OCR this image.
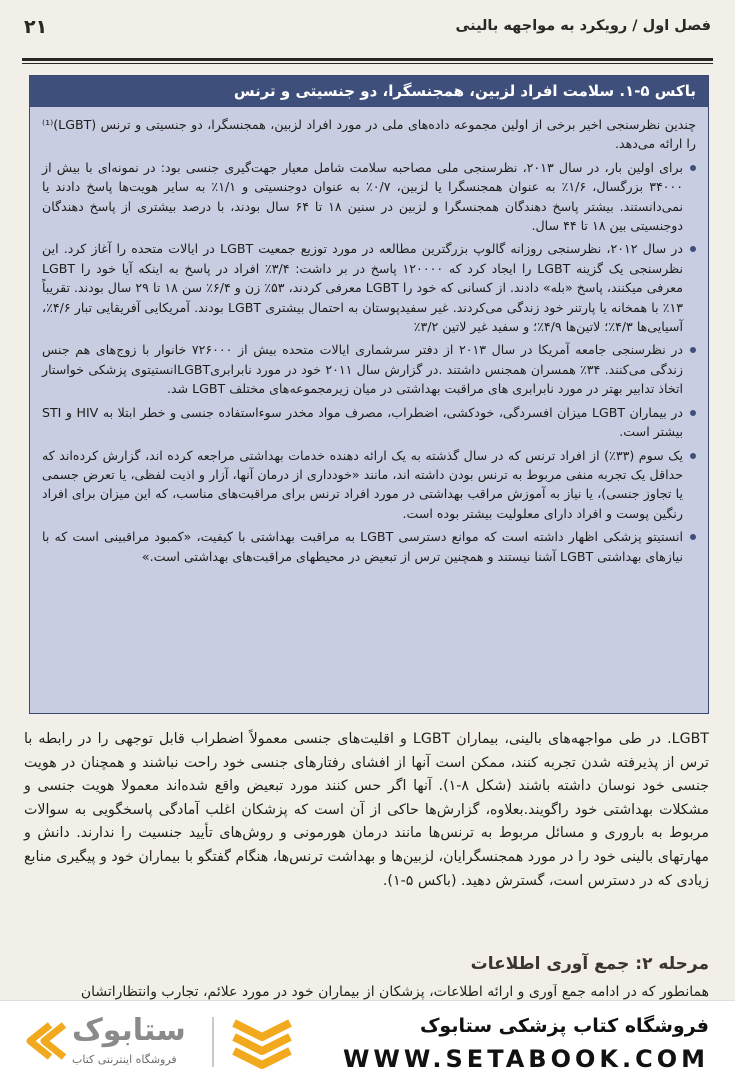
فصل اول / رویکرد به مواجهه بالینی
۲۱
باکس ۵-۱. سلامت افراد لزبین، همجنسگرا، دو جنسیتی و ترنس

چندین نظرسنجی اخیر برخی از اولین مجموعه داده‌های ملی در مورد افراد لزبین، همجنسگرا، دو جنسیتی و ترنس (LGBT)⁽¹⁾ را ارائه می‌دهد.

برای اولین بار، در سال ۲۰۱۳، نظرسنجی ملی مصاحبه سلامت شامل معیار جهت‌گیری جنسی بود: در نمونه‌ای با بیش از ۳۴۰۰۰ بزرگسال، ۱/۶٪ به عنوان همجنسگرا یا لزبین، ۰/۷٪ به عنوان دوجنسیتی و ۱/۱٪ به سایر هویت‌ها پاسخ دادند یا نمی‌دانستند. بیشتر پاسخ دهندگان همجنسگرا و لزبین در سنین ۱۸ تا ۶۴ سال بودند، با درصد بیشتری از پاسخ دهندگان دوجنسیتی بین ۱۸ تا ۴۴ سال.
در سال ۲۰۱۲، نظرسنجی روزانه گالوپ بزرگترین مطالعه در مورد توزیع جمعیت LGBT در ایالات متحده را آغاز کرد. این نظرسنجی یک گزینه LGBT را ایجاد کرد که ۱۲۰۰۰۰ پاسخ در بر داشت: ۳/۴٪ افراد در پاسخ به اینکه آیا خود را LGBT معرفی میکنند، پاسخ «بله» دادند. از کسانی که خود را LGBT معرفی کردند، ۵۳٪ زن و ۶/۴٪ سن ۱۸ تا ۲۹ سال بودند. تقریباً ۱۳٪ با همخانه یا پارتنر خود زندگی می‌کردند. غیر سفیدپوستان به احتمال بیشتری LGBT بودند. آمریکایی آفریقایی تبار ۴/۶٪، آسیایی‌ها ۴/۳٪؛ لاتین‌ها ۴/۹٪؛ و سفید غیر لاتین ۳/۲٪
در نظرسنجی جامعه آمریکا در سال ۲۰۱۳ از دفتر سرشماری ایالات متحده بیش از ۷۲۶۰۰۰ خانوار با زوج‌های هم جنس زندگی می‌کنند. ۳۴٪ همسران همجنس داشتند .در گزارش سال ۲۰۱۱ خود در مورد نابرابریLGBTانستیتوی پزشکی خواستار اتخاذ تدابیر بهتر در مورد نابرابری های مراقبت بهداشتی در میان زیرمجموعه‌های مختلف LGBT شد.
در بیماران LGBT میزان افسردگی، خودکشی، اضطراب، مصرف مواد مخدر سوءاستفاده جنسی و خطر ابتلا به HIV و STI بیشتر است.
یک سوم (۳۳٪) از افراد ترنس که در سال گذشته به یک ارائه دهنده خدمات بهداشتی مراجعه کرده اند، گزارش کرده‌اند که حداقل یک تجربه منفی مربوط به ترنس بودن داشته اند، مانند «خودداری از درمان آنها، آزار و اذیت لفظی، یا تعرض جسمی یا تجاوز جنسی)، یا نیاز به آموزش مراقب بهداشتی در مورد افراد ترنس برای مراقبت‌های مناسب، که این میزان برای افراد رنگین پوست و افراد دارای معلولیت بیشتر بوده است.
انستیتو پزشکی اظهار داشته است که موانع دسترسی LGBT به مراقبت بهداشتی با کیفیت، «کمبود مراقبینی است که با نیازهای بهداشتی LGBT آشنا نیستند و همچنین ترس از تبعیض در محیطهای مراقبت‌های بهداشتی است.»

LGBT. در طی مواجهه‌های بالینی، بیماران LGBT و اقلیت‌های جنسی معمولاً اضطراب قابل توجهی را در رابطه با ترس از پذیرفته شدن تجربه کنند، ممکن است آنها از افشای رفتارهای جنسی خود راحت نباشند و همچنان در هویت جنسی خود نوسان داشته باشند (شکل ۸-۱). آنها اگر حس کنند مورد تبعیض واقع شده‌اند معمولا هویت جنسی و مشکلات بهداشتی خود راگویند.بعلاوه، گزارش‌ها حاکی از آن است که پزشکان اغلب آمادگی پاسخگویی به سوالات مربوط به باروری و مسائل مربوط به ترنس‌ها مانند درمان هورمونی و روش‌های تأیید جنسیت را ندارند. دانش و مهارتهای بالینی خود را در مورد همجنسگرایان، لزبین‌ها و بهداشت ترنس‌ها، هنگام گفتگو با بیماران خود و پیگیری منابع زیادی که در دسترس است، گسترش دهید. (باکس ۵-۱).

مرحله ۲: جمع آوری اطلاعات
همانطور که در ادامه جمع آوری و ارائه اطلاعات، پزشکان از بیماران خود در مورد علائم، تجارب وانتظاراتشان
ستابوک
فروشگاه اینترنتی کتاب
فروشگاه کتاب پزشکی ستابوک
WWW.SETABOOK.COM
